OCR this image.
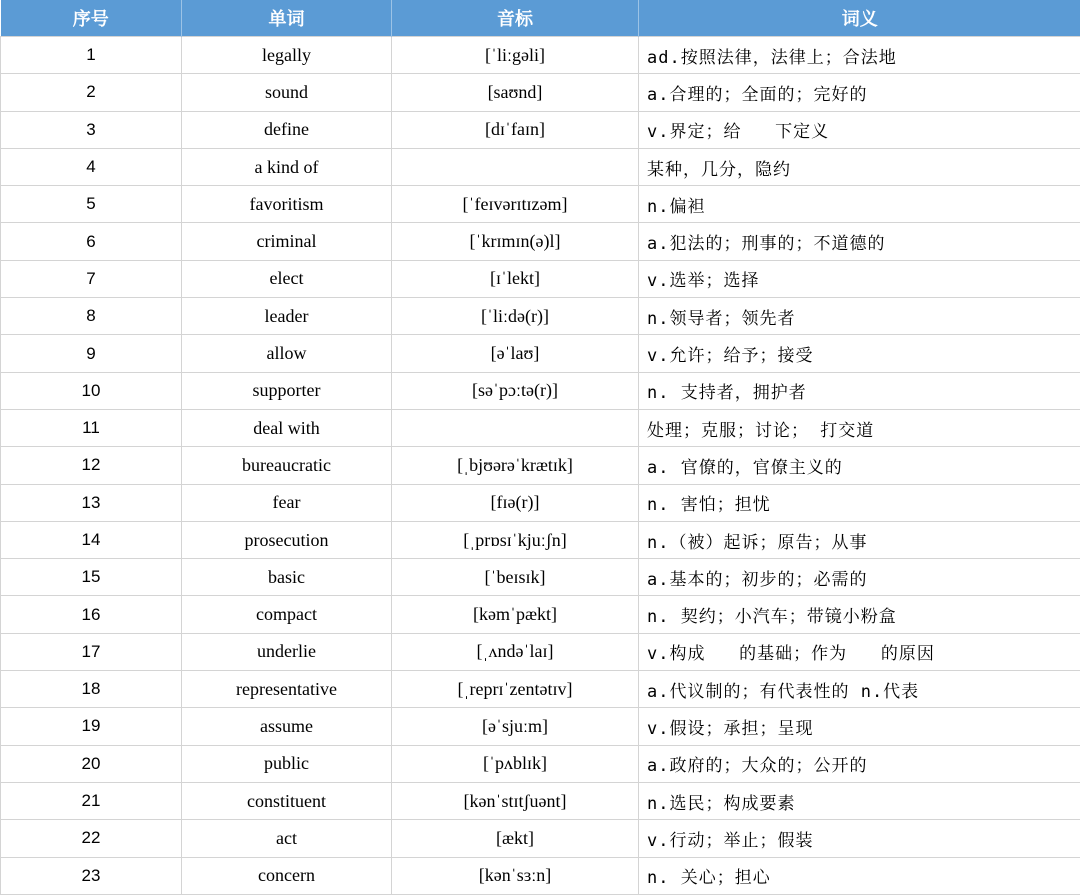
序号	单词	音标	词义
1	legally	[ˈliːgəli]	ad.按照法律，法律上；合法地
2	sound	[saʊnd]	a.合理的；全面的；完好的
3	define	[dɪˈfaɪn]	v.界定；给   下定义
4	a kind of		某种，几分，隐约
5	favoritism	[ˈfeɪvərɪtɪzəm]	n.偏袒
6	criminal	[ˈkrɪmɪn(ə)l]	a.犯法的；刑事的；不道德的
7	elect	[ɪˈlekt]	v.选举；选择
8	leader	[ˈliːdə(r)]	n.领导者；领先者
9	allow	[əˈlaʊ]	v.允许；给予；接受
10	supporter	[səˈpɔːtə(r)]	n. 支持者，拥护者
11	deal with		处理；克服；讨论； 打交道
12	bureaucratic	[ˌbjʊərəˈkrætɪk]	a. 官僚的，官僚主义的
13	fear	[fɪə(r)]	n. 害怕；担忧
14	prosecution	[ˌprɒsɪˈkjuːʃn]	n.（被）起诉；原告；从事
15	basic	[ˈbeɪsɪk]	a.基本的；初步的；必需的
16	compact	[kəmˈpækt]	n. 契约；小汽车；带镜小粉盒
17	underlie	[ˌʌndəˈlaɪ]	v.构成   的基础；作为   的原因
18	representative	[ˌreprɪˈzentətɪv]	a.代议制的；有代表性的 n.代表
19	assume	[əˈsjuːm]	v.假设；承担；呈现
20	public	[ˈpʌblɪk]	a.政府的；大众的；公开的
21	constituent	[kənˈstɪtʃuənt]	n.选民；构成要素
22	act	[ækt]	v.行动；举止；假装
23	concern	[kənˈsɜːn]	n. 关心；担心
